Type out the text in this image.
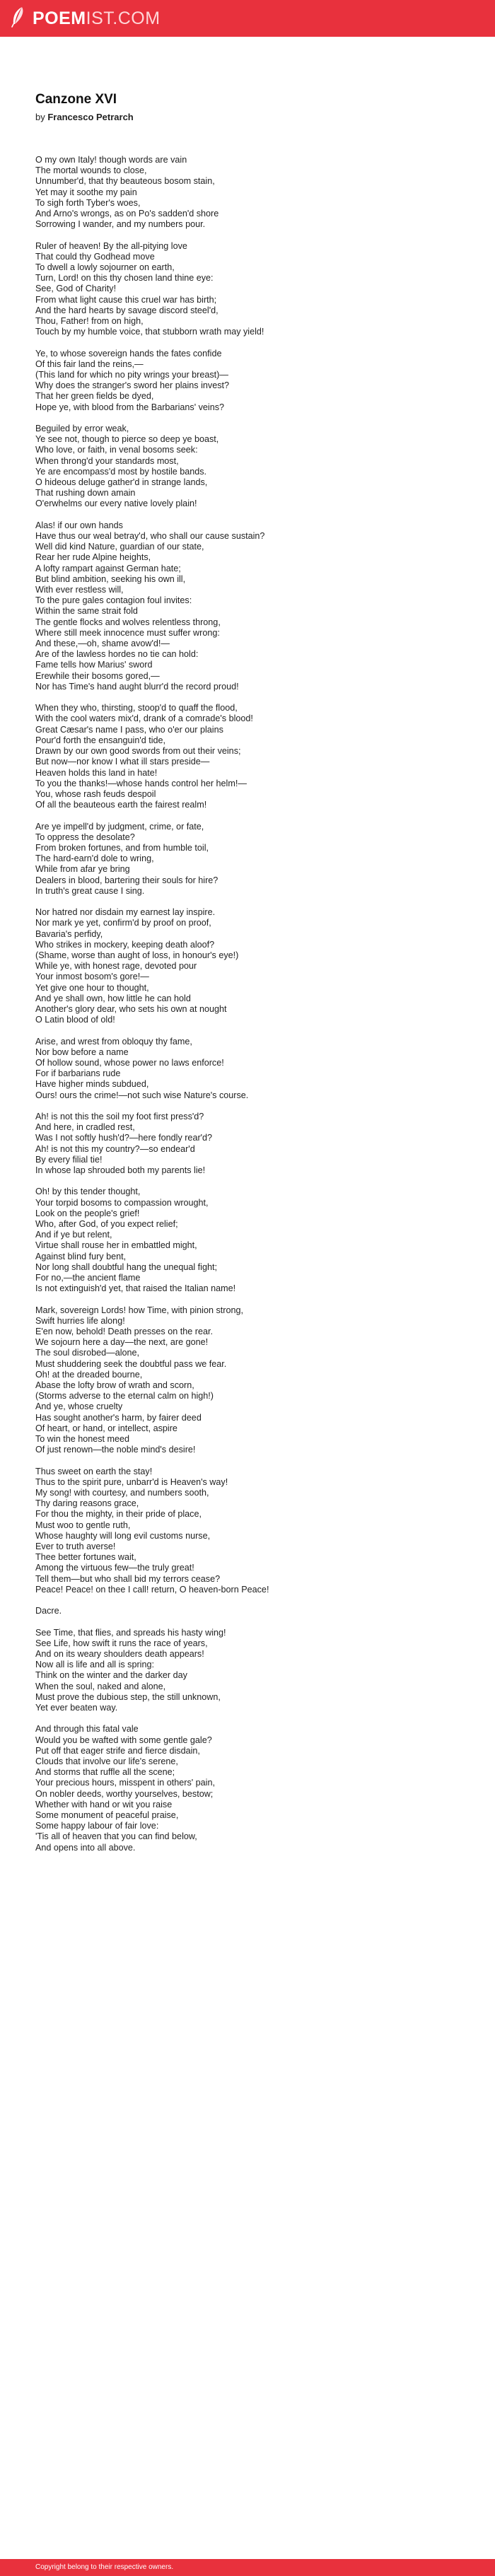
POEMIST.COM
Canzone XVI
by Francesco Petrarch
O my own Italy! though words are vain
The mortal wounds to close,
Unnumber'd, that thy beauteous bosom stain,
Yet may it soothe my pain
To sigh forth Tyber's woes,
And Arno's wrongs, as on Po's sadden'd shore
Sorrowing I wander, and my numbers pour.
Ruler of heaven! By the all-pitying love
That could thy Godhead move
To dwell a lowly sojourner on earth,
Turn, Lord! on this thy chosen land thine eye:
See, God of Charity!
From what light cause this cruel war has birth;
And the hard hearts by savage discord steel'd,
Thou, Father! from on high,
Touch by my humble voice, that stubborn wrath may yield!
Ye, to whose sovereign hands the fates confide
Of this fair land the reins,—
(This land for which no pity wrings your breast)—
Why does the stranger's sword her plains invest?
That her green fields be dyed,
Hope ye, with blood from the Barbarians' veins?
Beguiled by error weak,
Ye see not, though to pierce so deep ye boast,
Who love, or faith, in venal bosoms seek:
When throng'd your standards most,
Ye are encompass'd most by hostile bands.
O hideous deluge gather'd in strange lands,
That rushing down amain
O'erwhelms our every native lovely plain!
Alas! if our own hands
Have thus our weal betray'd, who shall our cause sustain?
Well did kind Nature, guardian of our state,
Rear her rude Alpine heights,
A lofty rampart against German hate;
But blind ambition, seeking his own ill,
With ever restless will,
To the pure gales contagion foul invites:
Within the same strait fold
The gentle flocks and wolves relentless throng,
Where still meek innocence must suffer wrong:
And these,—oh, shame avow'd!—
Are of the lawless hordes no tie can hold:
Fame tells how Marius' sword
Erewhile their bosoms gored,—
Nor has Time's hand aught blurr'd the record proud!
When they who, thirsting, stoop'd to quaff the flood,
With the cool waters mix'd, drank of a comrade's blood!
Great Cæsar's name I pass, who o'er our plains
Pour'd forth the ensanguin'd tide,
Drawn by our own good swords from out their veins;
But now—nor know I what ill stars preside—
Heaven holds this land in hate!
To you the thanks!—whose hands control her helm!—
You, whose rash feuds despoil
Of all the beauteous earth the fairest realm!
Are ye impell'd by judgment, crime, or fate,
To oppress the desolate?
From broken fortunes, and from humble toil,
The hard-earn'd dole to wring,
While from afar ye bring
Dealers in blood, bartering their souls for hire?
In truth's great cause I sing.
Nor hatred nor disdain my earnest lay inspire.
Nor mark ye yet, confirm'd by proof on proof,
Bavaria's perfidy,
Who strikes in mockery, keeping death aloof?
(Shame, worse than aught of loss, in honour's eye!)
While ye, with honest rage, devoted pour
Your inmost bosom's gore!—
Yet give one hour to thought,
And ye shall own, how little he can hold
Another's glory dear, who sets his own at nought
O Latin blood of old!
Arise, and wrest from obloquy thy fame,
Nor bow before a name
Of hollow sound, whose power no laws enforce!
For if barbarians rude
Have higher minds subdued,
Ours! ours the crime!—not such wise Nature's course.
Ah! is not this the soil my foot first press'd?
And here, in cradled rest,
Was I not softly hush'd?—here fondly rear'd?
Ah! is not this my country?—so endear'd
By every filial tie!
In whose lap shrouded both my parents lie!
Oh! by this tender thought,
Your torpid bosoms to compassion wrought,
Look on the people's grief!
Who, after God, of you expect relief;
And if ye but relent,
Virtue shall rouse her in embattled might,
Against blind fury bent,
Nor long shall doubtful hang the unequal fight;
For no,—the ancient flame
Is not extinguish'd yet, that raised the Italian name!
Mark, sovereign Lords! how Time, with pinion strong,
Swift hurries life along!
E'en now, behold! Death presses on the rear.
We sojourn here a day—the next, are gone!
The soul disrobed—alone,
Must shuddering seek the doubtful pass we fear.
Oh! at the dreaded bourne,
Abase the lofty brow of wrath and scorn,
(Storms adverse to the eternal calm on high!)
And ye, whose cruelty
Has sought another's harm, by fairer deed
Of heart, or hand, or intellect, aspire
To win the honest meed
Of just renown—the noble mind's desire!
Thus sweet on earth the stay!
Thus to the spirit pure, unbarr'd is Heaven's way!
My song! with courtesy, and numbers sooth,
Thy daring reasons grace,
For thou the mighty, in their pride of place,
Must woo to gentle ruth,
Whose haughty will long evil customs nurse,
Ever to truth averse!
Thee better fortunes wait,
Among the virtuous few—the truly great!
Tell them—but who shall bid my terrors cease?
Peace! Peace! on thee I call! return, O heaven-born Peace!
Dacre.
See Time, that flies, and spreads his hasty wing!
See Life, how swift it runs the race of years,
And on its weary shoulders death appears!
Now all is life and all is spring:
Think on the winter and the darker day
When the soul, naked and alone,
Must prove the dubious step, the still unknown,
Yet ever beaten way.
And through this fatal vale
Would you be wafted with some gentle gale?
Put off that eager strife and fierce disdain,
Clouds that involve our life's serene,
And storms that ruffle all the scene;
Your precious hours, misspent in others' pain,
On nobler deeds, worthy yourselves, bestow;
Whether with hand or wit you raise
Some monument of peaceful praise,
Some happy labour of fair love:
'Tis all of heaven that you can find below,
And opens into all above.
Copyright belong to their respective owners.
